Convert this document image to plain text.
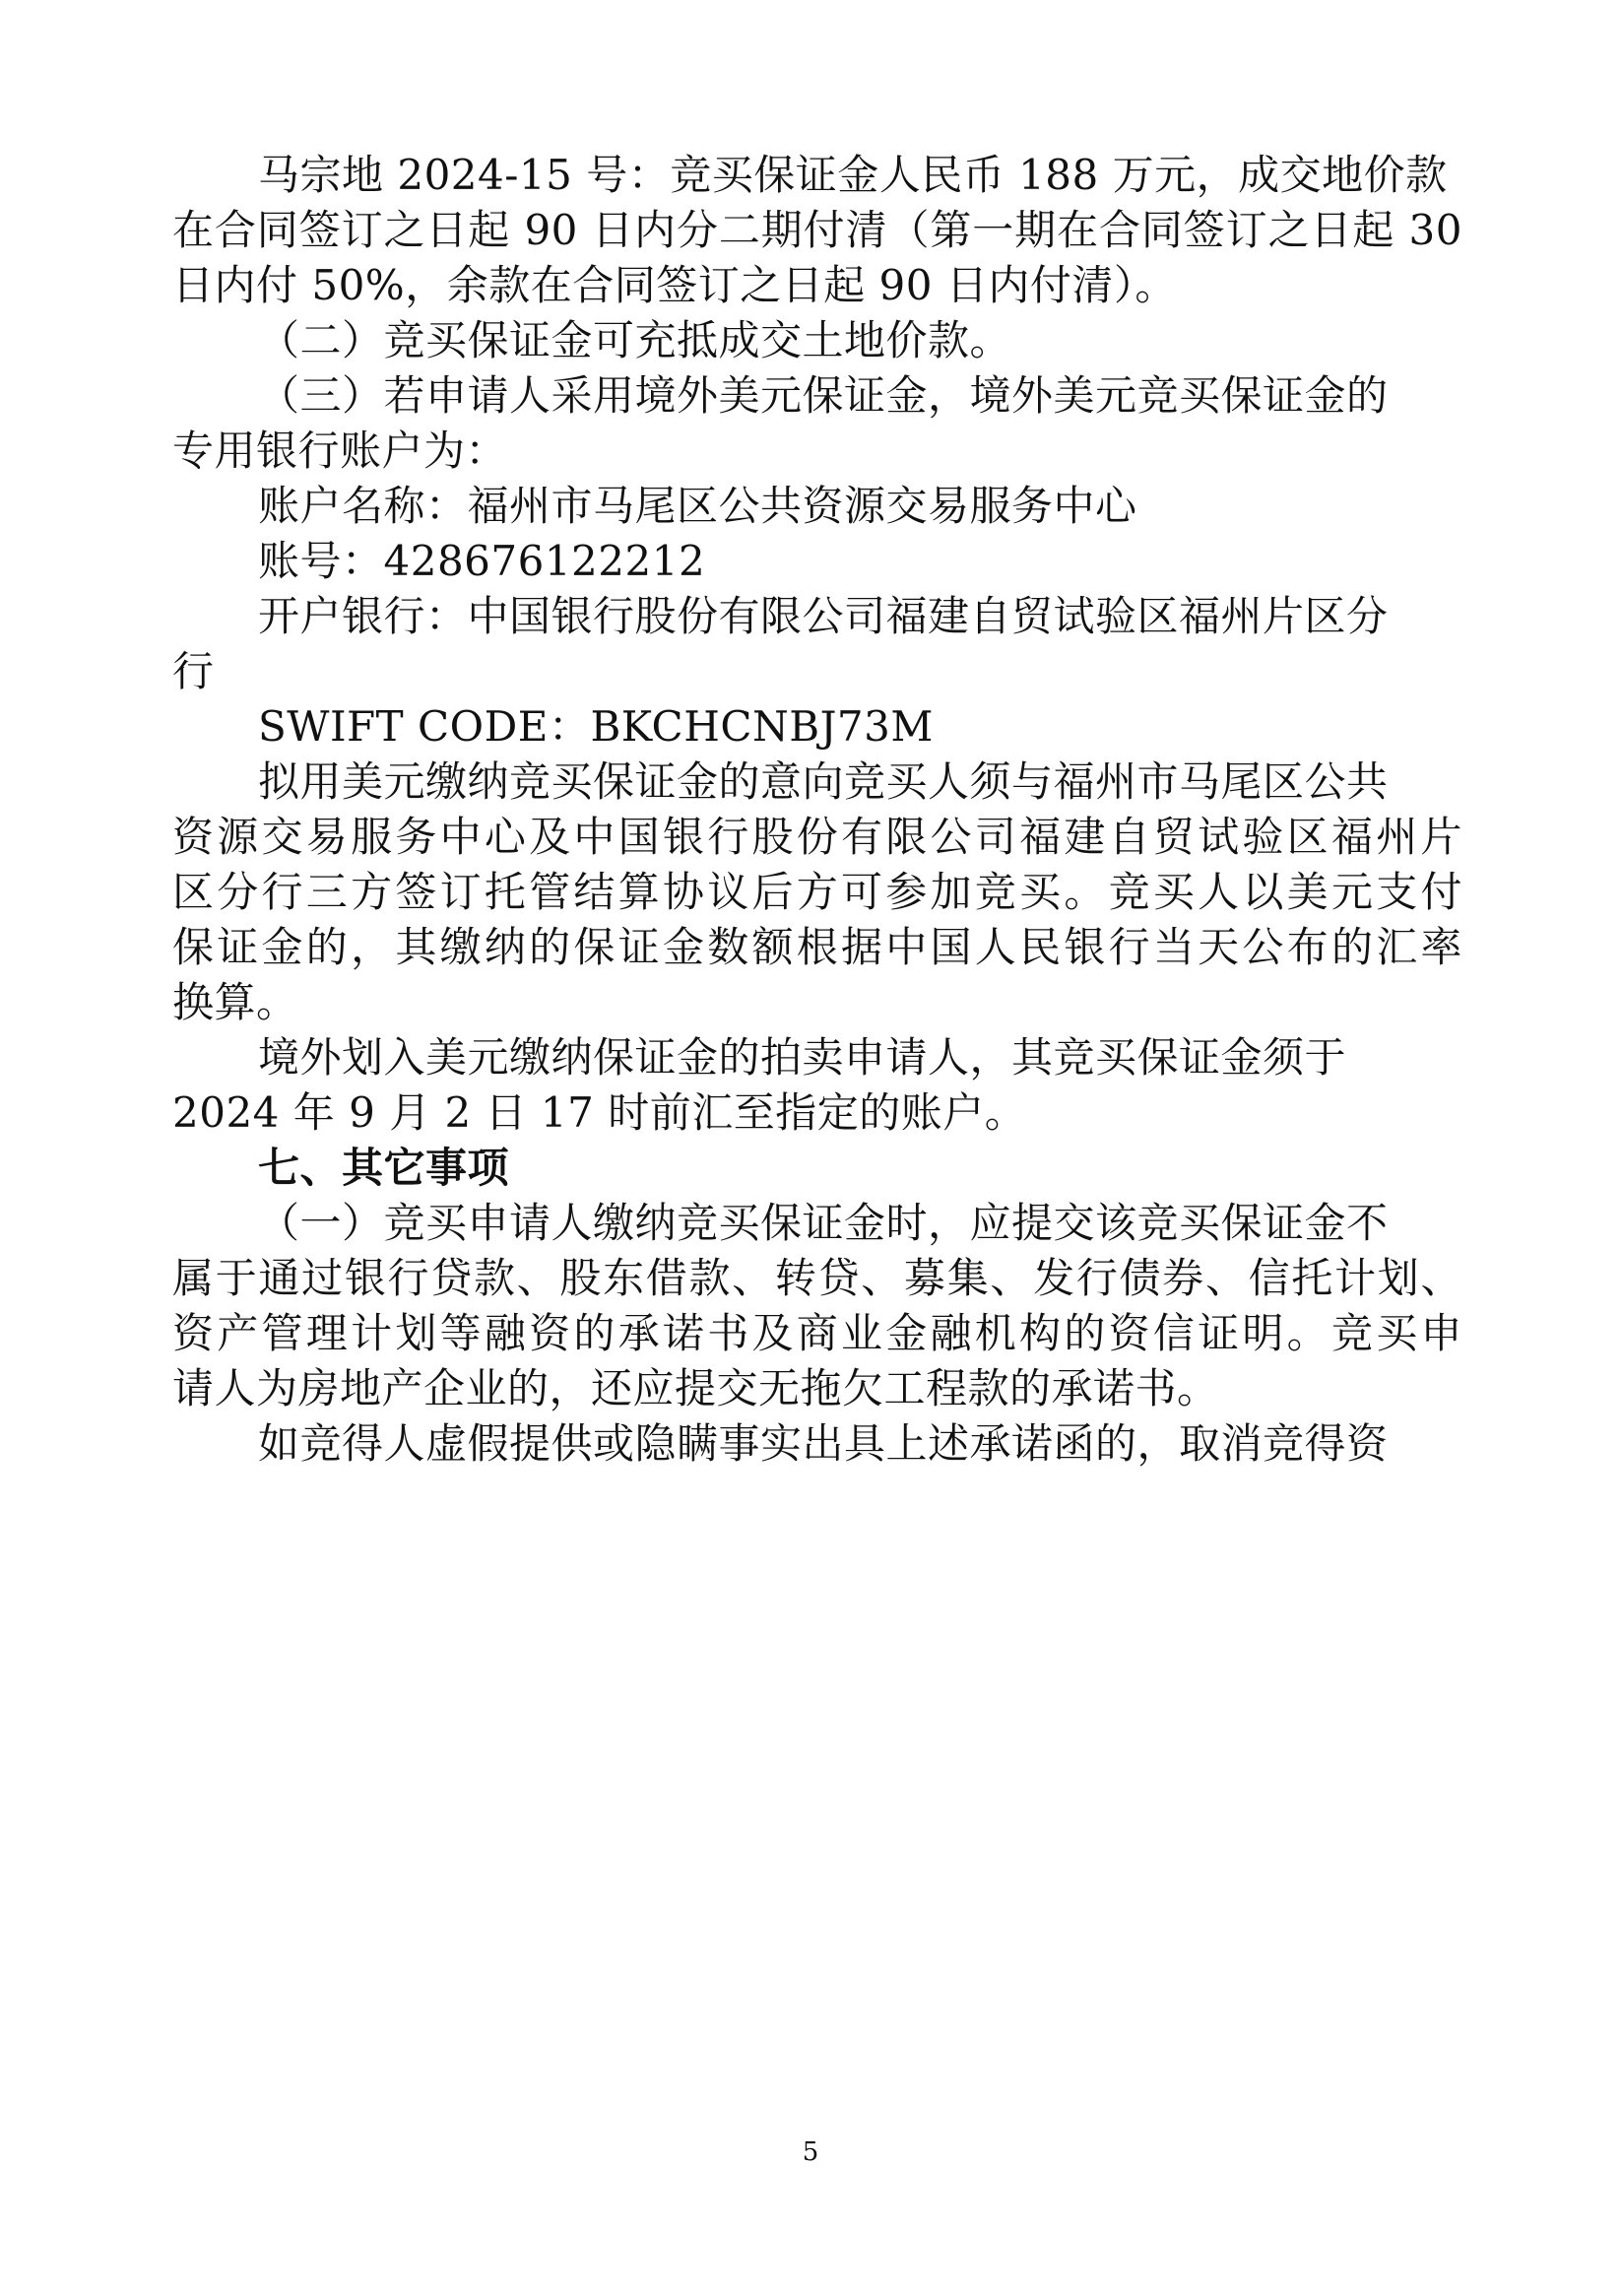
马宗地 2024-15 号：竞买保证金人民币 188 万元，成交地价款
在合同签订之日起 90 日内分二期付清（第一期在合同签订之日起 30
日内付 50%，余款在合同签订之日起 90 日内付清）。
（二）竞买保证金可充抵成交土地价款。
（三）若申请人采用境外美元保证金，境外美元竞买保证金的
专用银行账户为：
账户名称：福州市马尾区公共资源交易服务中心
账号：428676122212
开户银行：中国银行股份有限公司福建自贸试验区福州片区分
行
SWIFT CODE：BKCHCNBJ73M
拟用美元缴纳竞买保证金的意向竞买人须与福州市马尾区公共
资源交易服务中心及中国银行股份有限公司福建自贸试验区福州片
区分行三方签订托管结算协议后方可参加竞买。竞买人以美元支付
保证金的，其缴纳的保证金数额根据中国人民银行当天公布的汇率
换算。
境外划入美元缴纳保证金的拍卖申请人，其竞买保证金须于
2024 年 9 月 2 日 17 时前汇至指定的账户。
七、其它事项
（一）竞买申请人缴纳竞买保证金时，应提交该竞买保证金不
属于通过银行贷款、股东借款、转贷、募集、发行债券、信托计划、
资产管理计划等融资的承诺书及商业金融机构的资信证明。竞买申
请人为房地产企业的，还应提交无拖欠工程款的承诺书。
如竞得人虚假提供或隐瞒事实出具上述承诺函的，取消竞得资
5
